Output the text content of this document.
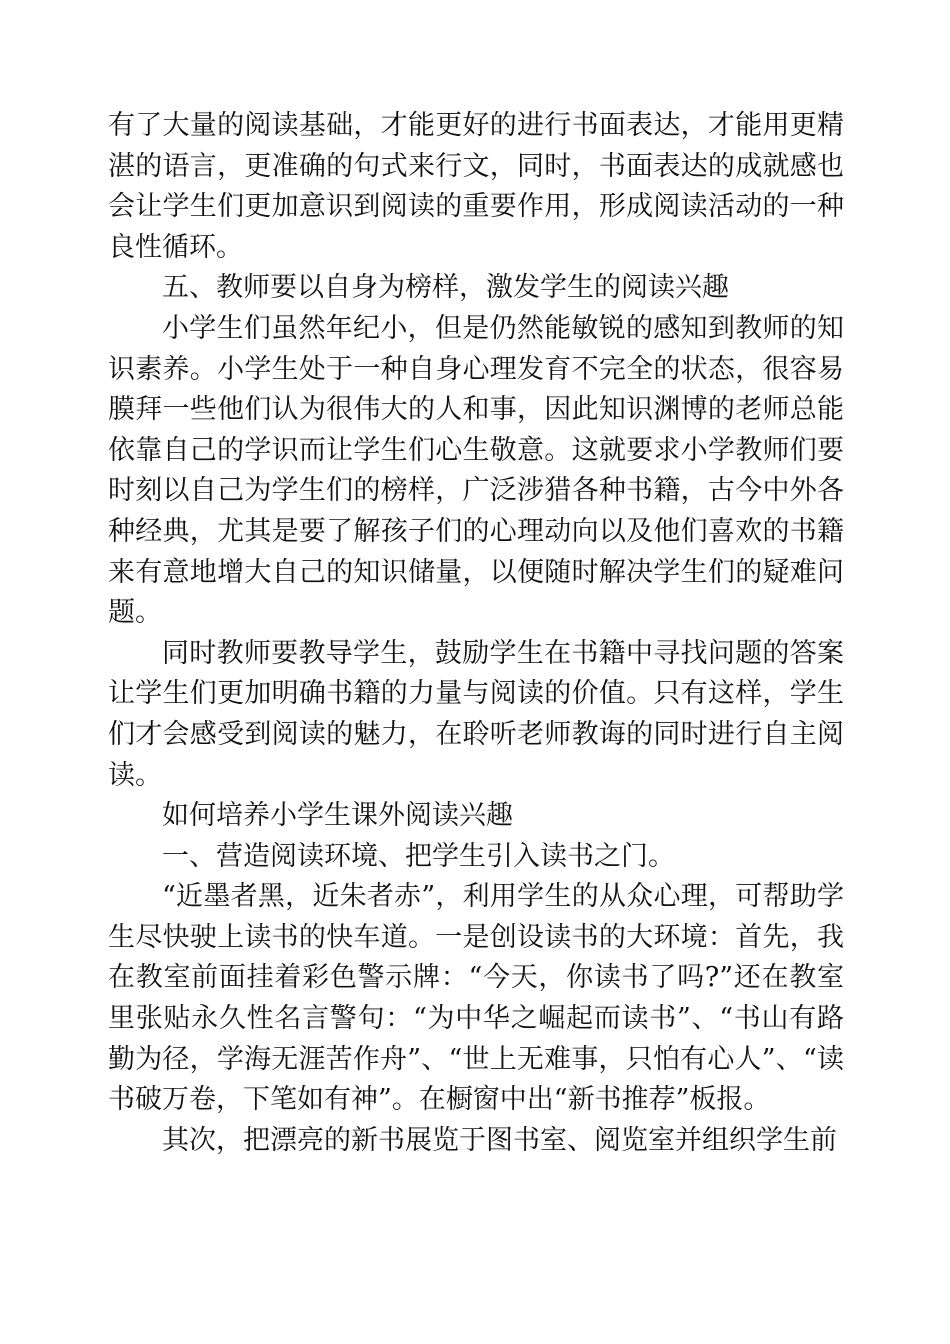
有了大量的阅读基础，才能更好的进行书面表达，才能用更精湛的语言，更准确的句式来行文，同时，书面表达的成就感也会让学生们更加意识到阅读的重要作用，形成阅读活动的一种良性循环。

五、教师要以自身为榜样，激发学生的阅读兴趣

小学生们虽然年纪小，但是仍然能敏锐的感知到教师的知识素养。小学生处于一种自身心理发育不完全的状态，很容易膜拜一些他们认为很伟大的人和事，因此知识渊博的老师总能依靠自己的学识而让学生们心生敬意。这就要求小学教师们要时刻以自己为学生们的榜样，广泛涉猎各种书籍，古今中外各种经典，尤其是要了解孩子们的心理动向以及他们喜欢的书籍来有意地增大自己的知识储量，以便随时解决学生们的疑难问题。

同时教师要教导学生，鼓励学生在书籍中寻找问题的答案让学生们更加明确书籍的力量与阅读的价值。只有这样，学生们才会感受到阅读的魅力，在聆听老师教诲的同时进行自主阅读。

如何培养小学生课外阅读兴趣

一、营造阅读环境、把学生引入读书之门。

“近墨者黑，近朱者赤”，利用学生的从众心理，可帮助学生尽快驶上读书的快车道。一是创设读书的大环境：首先，我在教室前面挂着彩色警示牌：“今天，你读书了吗?”还在教室里张贴永久性名言警句：“为中华之崛起而读书”、“书山有路勤为径，学海无涯苦作舟”、“世上无难事，只怕有心人”、“读书破万卷，下笔如有神”。在橱窗中出“新书推荐”板报。

其次，把漂亮的新书展览于图书室、阅览室并组织学生前
